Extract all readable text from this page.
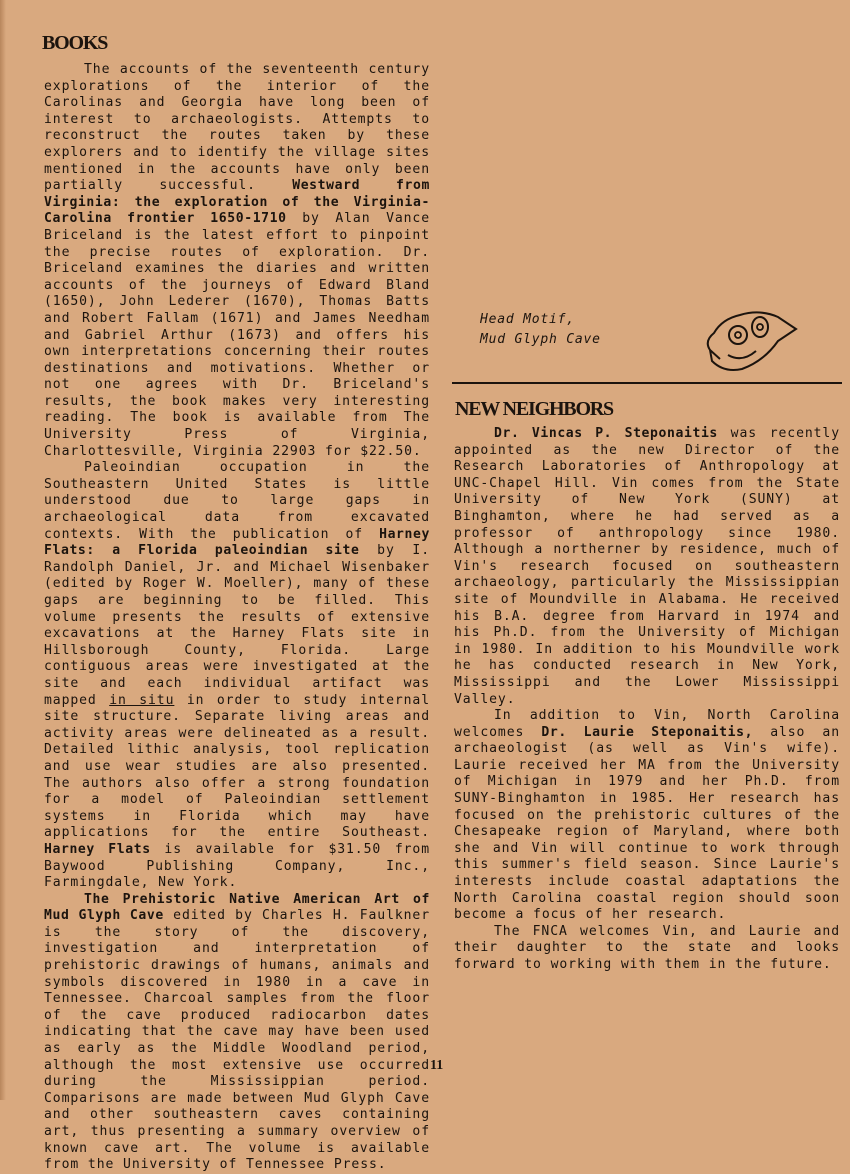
BOOKS

The accounts of the seventeenth century explorations of the interior of the Carolinas and Georgia have long been of interest to archaeologists. Attempts to reconstruct the routes taken by these explorers and to identify the village sites mentioned in the accounts have only been partially successful.	Westward from Virginia: the exploration of the Virginia-Carolina frontier 1650-1710 by Alan Vance Briceland is the latest effort to pinpoint the precise routes of exploration. Dr. Briceland examines the diaries and written accounts of the journeys of Edward Bland (1650), John Lederer (1670), Thomas Batts and Robert Fallam (1671) and James Needham and Gabriel Arthur (1673) and offers his own interpretations concerning their routes destinations and motivations. Whether or not one agrees with Dr. Briceland's results, the book makes very interesting reading. The book is available from The University Press of Virginia, Charlottesville, Virginia 22903 for $22.50.

Paleoindian occupation in the Southeastern United States is little understood due to large gaps in archaeological data from excavated contexts. With the publication of Harney Flats: a Florida paleoindian site by I. Randolph Daniel, Jr. and Michael Wisenbaker (edited by Roger W. Moeller), many of these gaps are beginning to be filled. This volume presents the results of extensive excavations at the Harney Flats site in Hillsborough County, Florida. Large contiguous areas were investigated at the site and each individual artifact was mapped in situ in order to study internal site structure. Separate living areas and activity areas were delineated as a result. Detailed lithic analysis, tool replication and use wear studies are also presented. The authors also offer a strong foundation for a model of Paleoindian settlement systems in Florida which may have applications for the entire Southeast. Harney Flats is available for $31.50 from Baywood Publishing Company, Inc., Farmingdale, New York.

The Prehistoric Native American Art of Mud Glyph Cave edited by Charles H. Faulkner is the story of the discovery, investigation and interpretation of prehistoric drawings of humans, animals and symbols discovered in 1980 in a cave in Tennessee. Charcoal samples from the floor of the cave produced radiocarbon dates indicating that the cave may have been used as early as the Middle Woodland period, although the most extensive use occurred during the Mississippian period. Comparisons are made between Mud Glyph Cave and other southeastern caves containing art, thus presenting a summary overview of known cave art. The volume is available from the University of Tennessee Press.

Head Motif,
Mud Glyph Cave
NEW NEIGHBORS

Dr. Vincas P. Steponaitis was recently appointed as the new Director of the Research Laboratories of Anthropology at UNC-Chapel Hill. Vin comes from the State University of New York (SUNY) at Binghamton, where he had served as a professor of anthropology since 1980. Although a northerner by residence, much of Vin's research focused on southeastern archaeology, particularly the Mississippian site of Moundville in Alabama. He received his B.A. degree from Harvard in 1974 and his Ph.D. from the University of Michigan in 1980. In addition to his Moundville work he has conducted research in New York, Mississippi and the Lower Mississippi Valley.

In addition to Vin, North Carolina welcomes Dr. Laurie Steponaitis, also an archaeologist (as well as Vin's wife). Laurie received her MA from the University of Michigan in 1979 and her Ph.D. from SUNY-Binghamton in 1985. Her research has focused on the prehistoric cultures of the Chesapeake region of Maryland, where both she and Vin will continue to work through this summer's field season. Since Laurie's interests include coastal adaptations the North Carolina coastal region should soon become a focus of her research.

The FNCA welcomes Vin, and Laurie and their daughter to the state and looks forward to working with them in the future.

11
